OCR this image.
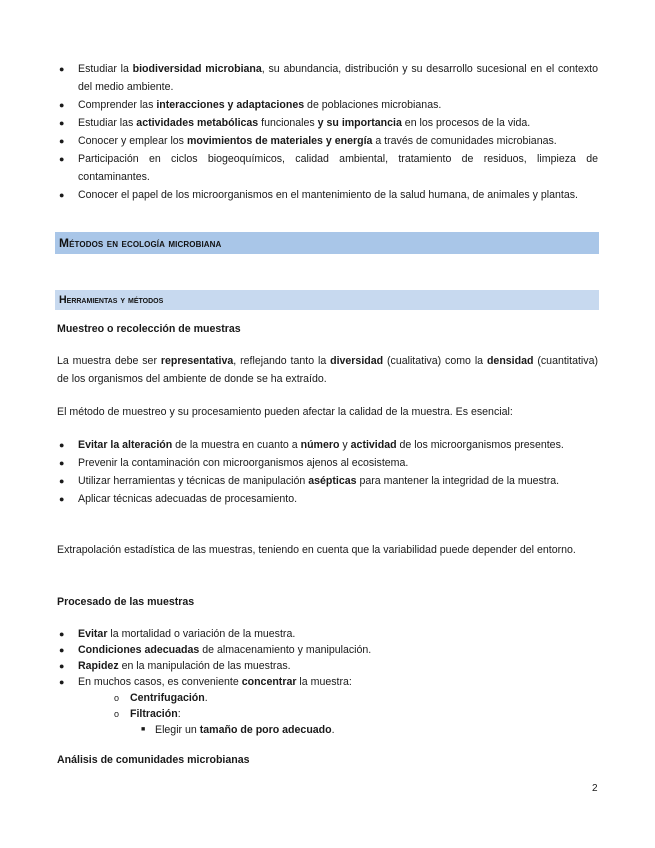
● Estudiar la biodiversidad microbiana, su abundancia, distribución y su desarrollo sucesional en el contexto del medio ambiente.
● Comprender las interacciones y adaptaciones de poblaciones microbianas.
● Estudiar las actividades metabólicas funcionales y su importancia en los procesos de la vida.
● Conocer y emplear los movimientos de materiales y energía a través de comunidades microbianas.
● Participación en ciclos biogeoquímicos, calidad ambiental, tratamiento de residuos, limpieza de contaminantes.
● Conocer el papel de los microorganismos en el mantenimiento de la salud humana, de animales y plantas.
Métodos en ecología microbiana
Herramientas y métodos
Muestreo o recolección de muestras
La muestra debe ser representativa, reflejando tanto la diversidad (cualitativa) como la densidad (cuantitativa) de los organismos del ambiente de donde se ha extraído.
El método de muestreo y su procesamiento pueden afectar la calidad de la muestra. Es esencial:
● Evitar la alteración de la muestra en cuanto a número y actividad de los microorganismos presentes.
● Prevenir la contaminación con microorganismos ajenos al ecosistema.
● Utilizar herramientas y técnicas de manipulación asépticas para mantener la integridad de la muestra.
● Aplicar técnicas adecuadas de procesamiento.
Extrapolación estadística de las muestras, teniendo en cuenta que la variabilidad puede depender del entorno.
Procesado de las muestras
● Evitar la mortalidad o variación de la muestra.
● Condiciones adecuadas de almacenamiento y manipulación.
● Rapidez en la manipulación de las muestras.
● En muchos casos, es conveniente concentrar la muestra:
o Centrifugación.
o Filtración:
■ Elegir un tamaño de poro adecuado.
Análisis de comunidades microbianas
2
